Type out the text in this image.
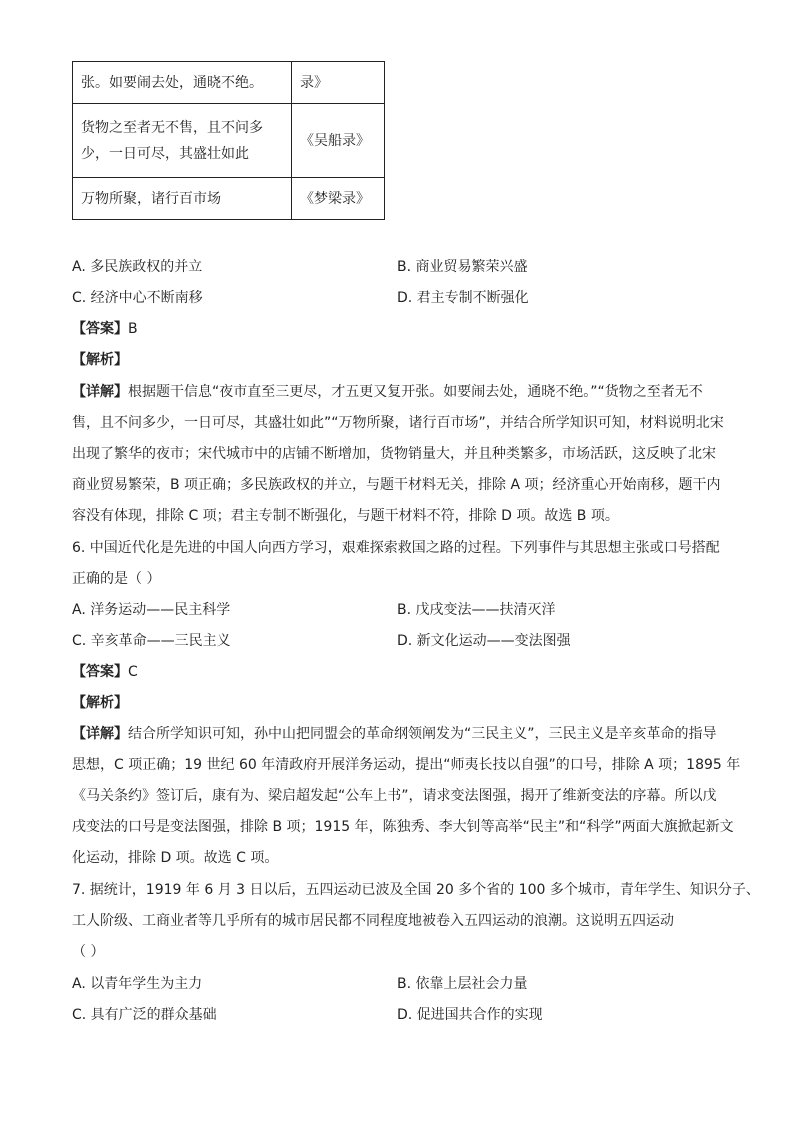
张。如要闹去处，通晓不绝。	录》

货物之至者无不售，且不问多
少，一日可尽，其盛壮如此	《吴船录》
万物所聚，诸行百市场	《梦梁录》
A. 多民族政权的并立	B. 商业贸易繁荣兴盛
C. 经济中心不断南移	D. 君主专制不断强化
【答案】B
【解析】
【详解】根据题干信息“夜市直至三更尽，才五更又复开张。如要闹去处，通晓不绝。”“货物之至者无不
售，且不问多少，一日可尽，其盛壮如此”“万物所聚，诸行百市场”，并结合所学知识可知，材料说明北宋
出现了繁华的夜市；宋代城市中的店铺不断增加，货物销量大，并且种类繁多，市场活跃，这反映了北宋
商业贸易繁荣，B 项正确；多民族政权的并立，与题干材料无关，排除 A 项；经济重心开始南移，题干内
容没有体现，排除 C 项；君主专制不断强化，与题干材料不符，排除 D 项。故选 B 项。
6. 中国近代化是先进的中国人向西方学习，艰难探索救国之路的过程。下列事件与其思想主张或口号搭配
正确的是（ ）
A. 洋务运动——民主科学	B. 戊戌变法——扶清灭洋
C. 辛亥革命——三民主义	D. 新文化运动——变法图强
【答案】C
【解析】
【详解】结合所学知识可知，孙中山把同盟会的革命纲领阐发为“三民主义”，三民主义是辛亥革命的指导
思想，C 项正确；19 世纪 60 年清政府开展洋务运动，提出“师夷长技以自强”的口号，排除 A 项；1895 年
《马关条约》签订后，康有为、梁启超发起“公车上书”，请求变法图强，揭开了维新变法的序幕。所以戊
戌变法的口号是变法图强，排除 B 项；1915 年，陈独秀、李大钊等高举“民主”和“科学”两面大旗掀起新文
化运动，排除 D 项。故选 C 项。
7. 据统计，1919 年 6 月 3 日以后，五四运动已波及全国 20 多个省的 100 多个城市，青年学生、知识分子、
工人阶级、工商业者等几乎所有的城市居民都不同程度地被卷入五四运动的浪潮。这说明五四运动
（ ）
A. 以青年学生为主力	B. 依靠上层社会力量
C. 具有广泛的群众基础	D. 促进国共合作的实现
